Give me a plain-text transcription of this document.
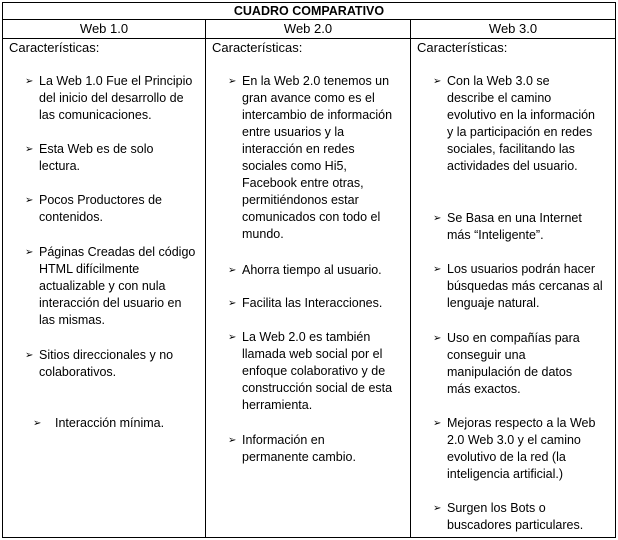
CUADRO COMPARATIVO
Web 1.0	Web 2.0	Web 3.0
Características:
➢ La Web 1.0 Fue el Principio del inicio del desarrollo de las comunicaciones.
➢ Esta Web es de solo lectura.
➢ Pocos Productores de contenidos.
➢ Páginas Creadas del código HTML difícilmente actualizable y con nula interacción del usuario en las mismas.
➢ Sitios direccionales y no colaborativos.
➢ Interacción mínima.
Características:
➢ En la Web 2.0 tenemos un gran avance como es el intercambio de información entre usuarios y la interacción en redes sociales como Hi5, Facebook entre otras, permitiéndonos estar comunicados con todo el mundo.
➢ Ahorra tiempo al usuario.
➢ Facilita las Interacciones.
➢ La Web 2.0 es también llamada web social por el enfoque colaborativo y de construcción social de esta herramienta.
➢ Información en permanente cambio.
Características:
➢ Con la Web 3.0 se describe el camino evolutivo en la información y la participación en redes sociales, facilitando las actividades del usuario.
➢ Se Basa en una Internet más “Inteligente”.
➢ Los usuarios podrán hacer búsquedas más cercanas al lenguaje natural.
➢ Uso en compañías para conseguir una manipulación de datos más exactos.
➢ Mejoras respecto a la Web 2.0 Web 3.0 y el camino evolutivo de la red (la inteligencia artificial.)
➢ Surgen los Bots o buscadores particulares.
